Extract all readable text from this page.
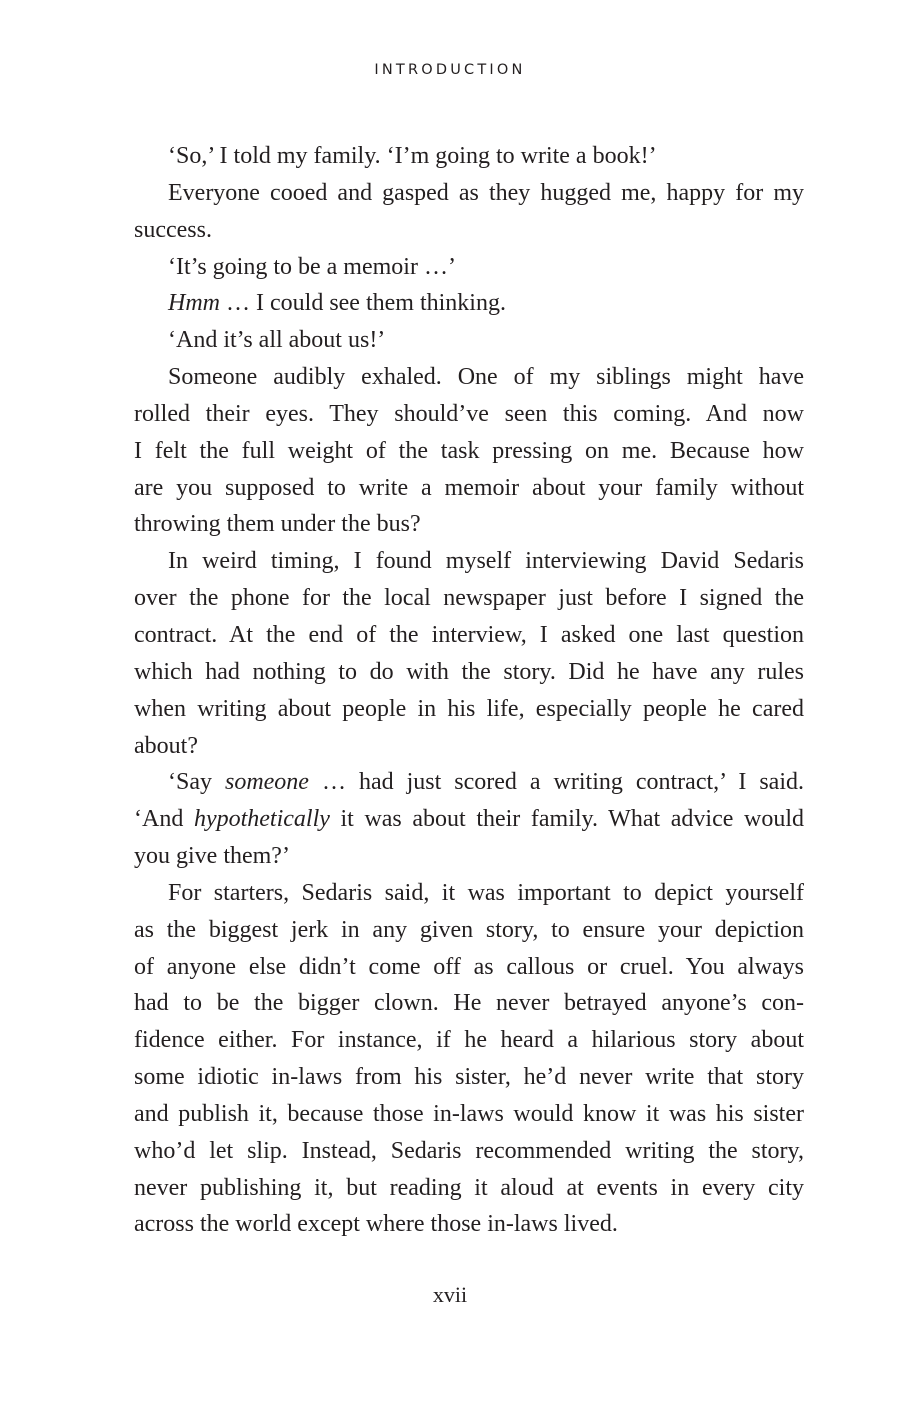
INTRODUCTION
‘So,’ I told my family. ‘I’m going to write a book!’
Everyone cooed and gasped as they hugged me, happy for my
success.
‘It’s going to be a memoir …’
Hmm … I could see them thinking.
‘And it’s all about us!’
Someone audibly exhaled. One of my siblings might have
rolled their eyes. They should’ve seen this coming. And now
I felt the full weight of the task pressing on me. Because how
are you supposed to write a memoir about your family without
throwing them under the bus?
In weird timing, I found myself interviewing David Sedaris
over the phone for the local newspaper just before I signed the
contract. At the end of the interview, I asked one last question
which had nothing to do with the story. Did he have any rules
when writing about people in his life, especially people he cared
about?
‘Say someone … had just scored a writing contract,’ I said.
‘And hypothetically it was about their family. What advice would
you give them?’
For starters, Sedaris said, it was important to depict yourself
as the biggest jerk in any given story, to ensure your depiction
of anyone else didn’t come off as callous or cruel. You always
had to be the bigger clown. He never betrayed anyone’s con-
fidence either. For instance, if he heard a hilarious story about
some idiotic in-laws from his sister, he’d never write that story
and publish it, because those in-laws would know it was his sister
who’d let slip. Instead, Sedaris recommended writing the story,
never publishing it, but reading it aloud at events in every city
across the world except where those in-laws lived.
xvii
